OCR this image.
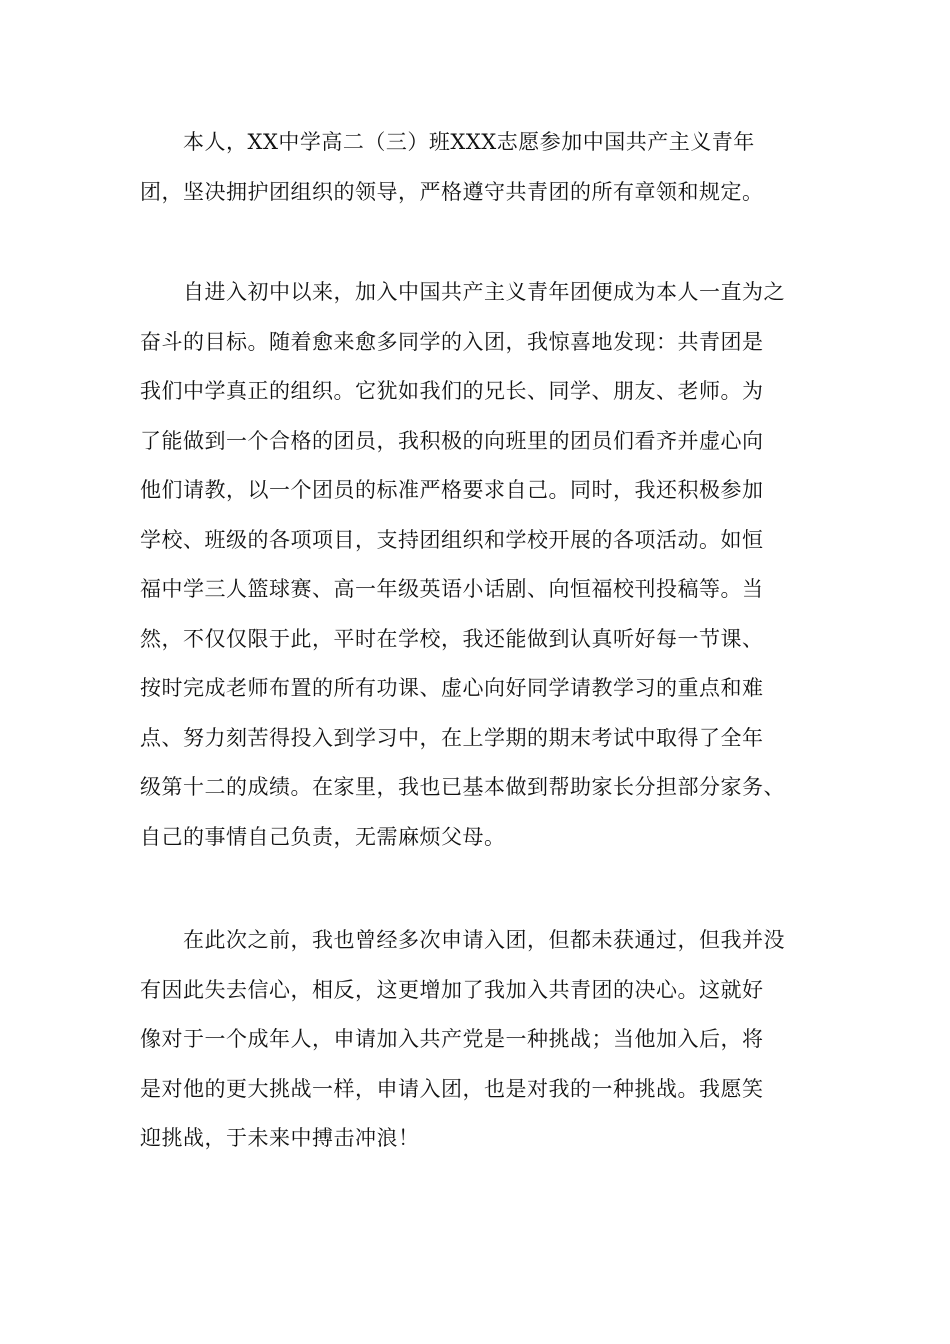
　　本人，XX中学高二（三）班XXX志愿参加中国共产主义青年
团，坚决拥护团组织的领导，严格遵守共青团的所有章领和规定。
　　自进入初中以来，加入中国共产主义青年团便成为本人一直为之
奋斗的目标。随着愈来愈多同学的入团，我惊喜地发现：共青团是
我们中学真正的组织。它犹如我们的兄长、同学、朋友、老师。为
了能做到一个合格的团员，我积极的向班里的团员们看齐并虚心向
他们请教，以一个团员的标准严格要求自己。同时，我还积极参加
学校、班级的各项项目，支持团组织和学校开展的各项活动。如恒
福中学三人篮球赛、高一年级英语小话剧、向恒福校刊投稿等。当
然，不仅仅限于此，平时在学校，我还能做到认真听好每一节课、
按时完成老师布置的所有功课、虚心向好同学请教学习的重点和难
点、努力刻苦得投入到学习中，在上学期的期末考试中取得了全年
级第十二的成绩。在家里，我也已基本做到帮助家长分担部分家务、
自己的事情自己负责，无需麻烦父母。
　　在此次之前，我也曾经多次申请入团，但都未获通过，但我并没
有因此失去信心，相反，这更增加了我加入共青团的决心。这就好
像对于一个成年人，申请加入共产党是一种挑战；当他加入后，将
是对他的更大挑战一样，申请入团，也是对我的一种挑战。我愿笑
迎挑战，于未来中搏击冲浪！
